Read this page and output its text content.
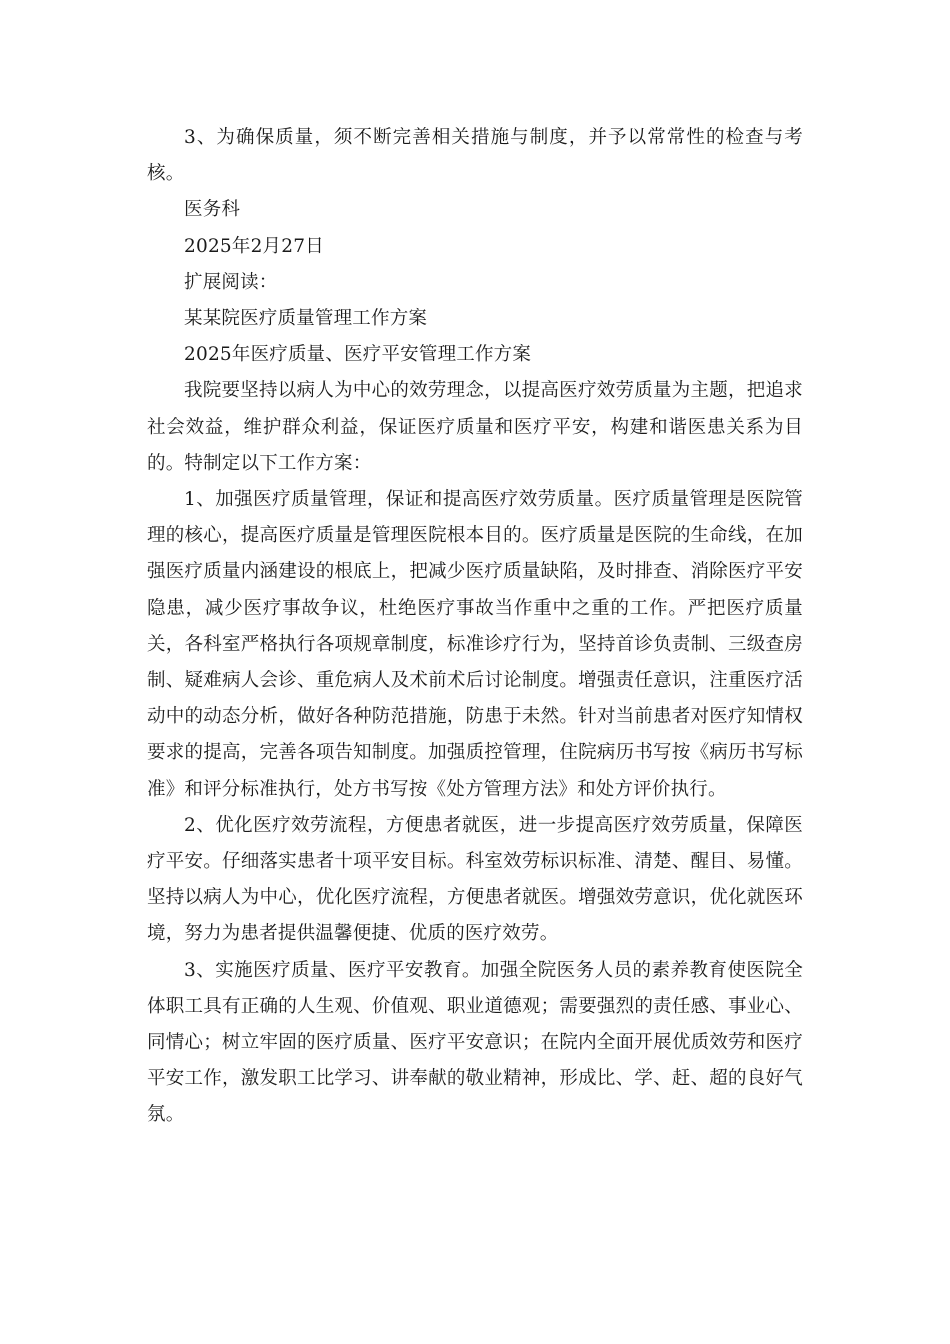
3、为确保质量，须不断完善相关措施与制度，并予以常常性的检查与考核。

医务科

2025年2月27日

扩展阅读：

某某院医疗质量管理工作方案

2025年医疗质量、医疗平安管理工作方案

我院要坚持以病人为中心的效劳理念，以提高医疗效劳质量为主题，把追求社会效益，维护群众利益，保证医疗质量和医疗平安，构建和谐医患关系为目的。特制定以下工作方案：

1、加强医疗质量管理，保证和提高医疗效劳质量。医疗质量管理是医院管理的核心，提高医疗质量是管理医院根本目的。医疗质量是医院的生命线，在加强医疗质量内涵建设的根底上，把减少医疗质量缺陷，及时排查、消除医疗平安隐患，减少医疗事故争议，杜绝医疗事故当作重中之重的工作。严把医疗质量关，各科室严格执行各项规章制度，标准诊疗行为，坚持首诊负责制、三级查房制、疑难病人会诊、重危病人及术前术后讨论制度。增强责任意识，注重医疗活动中的动态分析，做好各种防范措施，防患于未然。针对当前患者对医疗知情权要求的提高，完善各项告知制度。加强质控管理，住院病历书写按《病历书写标准》和评分标准执行，处方书写按《处方管理方法》和处方评价执行。

2、优化医疗效劳流程，方便患者就医，进一步提高医疗效劳质量，保障医疗平安。仔细落实患者十项平安目标。科室效劳标识标准、清楚、醒目、易懂。坚持以病人为中心，优化医疗流程，方便患者就医。增强效劳意识，优化就医环境，努力为患者提供温馨便捷、优质的医疗效劳。

3、实施医疗质量、医疗平安教育。加强全院医务人员的素养教育使医院全体职工具有正确的人生观、价值观、职业道德观；需要强烈的责任感、事业心、同情心；树立牢固的医疗质量、医疗平安意识；在院内全面开展优质效劳和医疗平安工作，激发职工比学习、讲奉献的敬业精神，形成比、学、赶、超的良好气氛。
